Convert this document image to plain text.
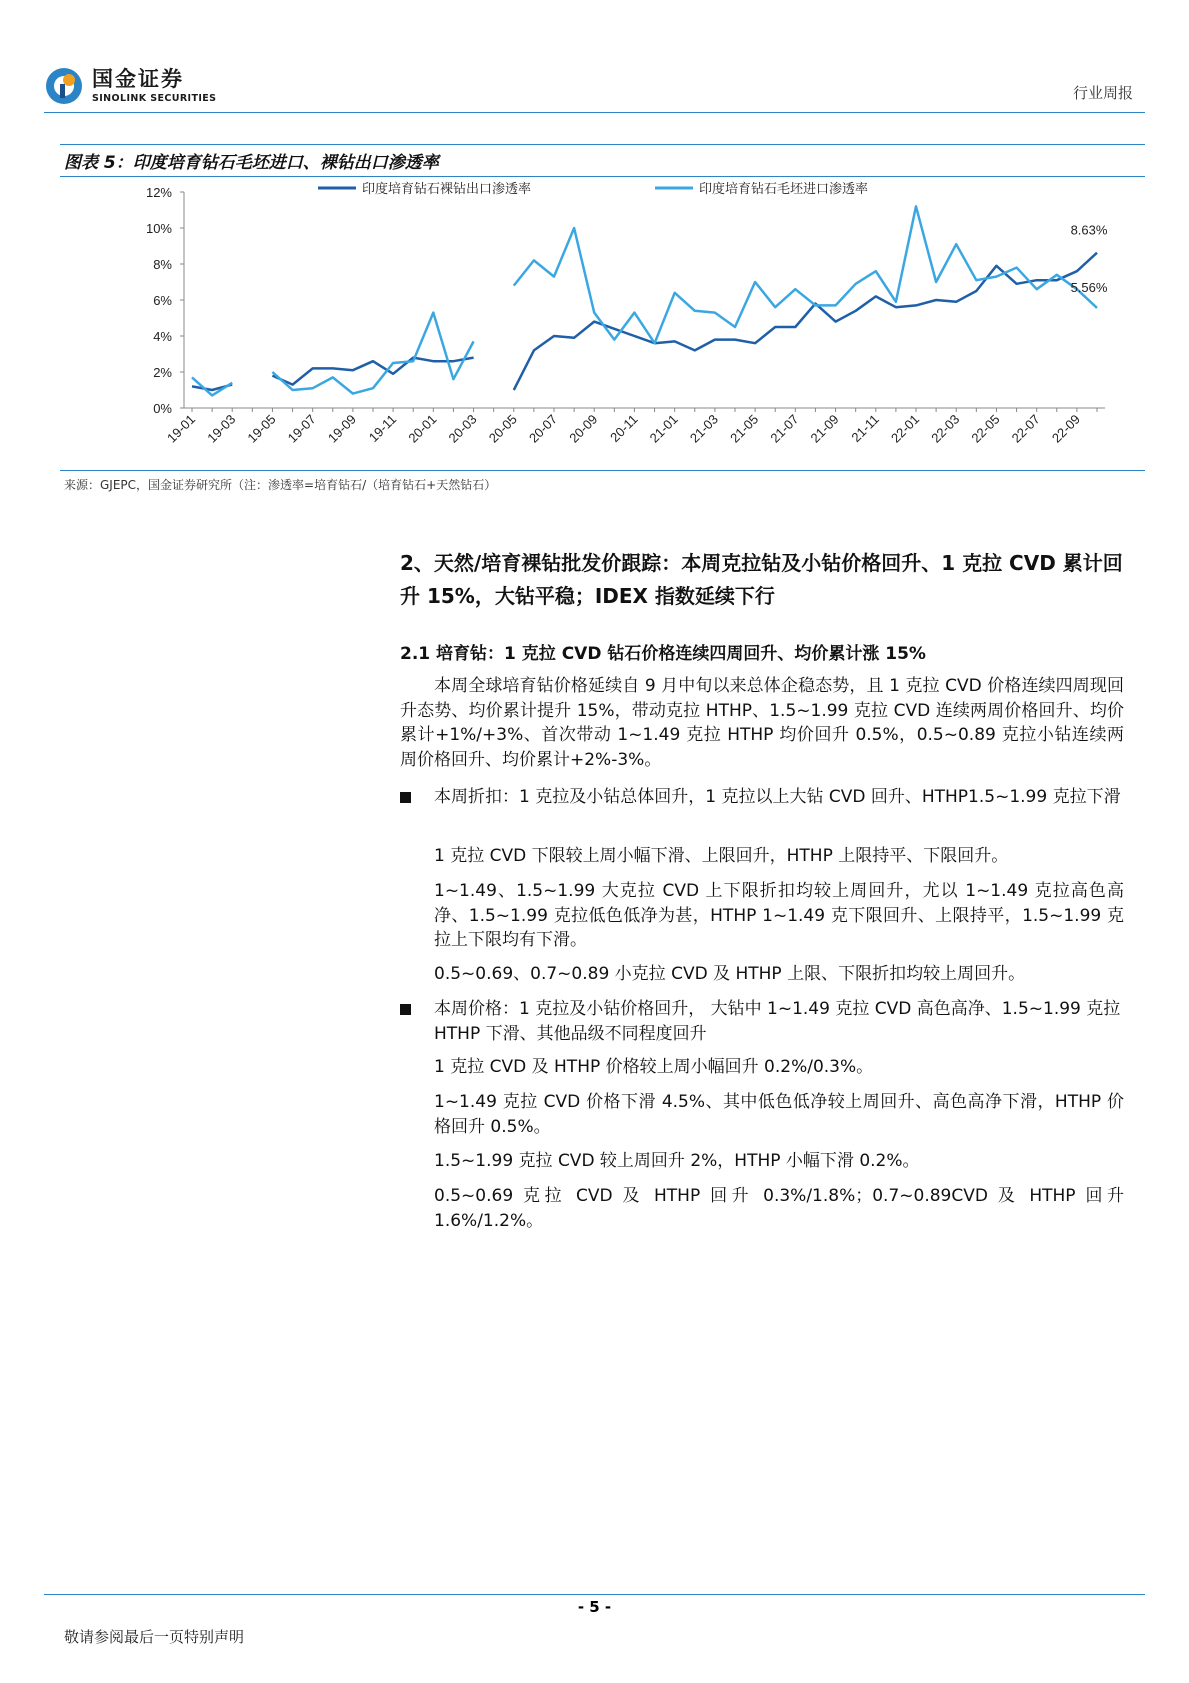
国金证券
SINOLINK SECURITIES	行业周报
图表 5：印度培育钻石毛坯进口、裸钻出口渗透率
0%
2%
4%
6%
8%
10%
12%
19-01 19-03 19-05 19-07 19-09 19-11 20-01 20-03 20-05 20-07 20-09 20-11 21-01 21-03 21-05 21-07 21-09 21-11 22-01 22-03 22-05 22-07 22-09
印度培育钻石裸钻出口渗透率	印度培育钻石毛坯进口渗透率
8.63%
5.56%
来源：GJEPC，国金证券研究所（注：渗透率=培育钻石/（培育钻石+天然钻石）
2、天然/培育裸钻批发价跟踪：本周克拉钻及小钻价格回升、1 克拉 CVD 累计回升 15%，大钻平稳；IDEX 指数延续下行
2.1 培育钻：1 克拉 CVD 钻石价格连续四周回升、均价累计涨 15%
本周全球培育钻价格延续自 9 月中旬以来总体企稳态势，且 1 克拉 CVD 价格连续四周现回升态势、均价累计提升 15%，带动克拉 HTHP、1.5~1.99 克拉 CVD 连续两周价格回升、均价累计+1%/+3%、首次带动 1~1.49 克拉 HTHP 均价回升 0.5%，0.5~0.89 克拉小钻连续两周价格回升、均价累计+2%-3%。
本周折扣：1 克拉及小钻总体回升，1 克拉以上大钻 CVD 回升、HTHP1.5~1.99 克拉下滑
1 克拉 CVD 下限较上周小幅下滑、上限回升，HTHP 上限持平、下限回升。
1~1.49、1.5~1.99 大克拉 CVD 上下限折扣均较上周回升，尤以 1~1.49 克拉高色高净、1.5~1.99 克拉低色低净为甚，HTHP 1~1.49 克下限回升、上限持平，1.5~1.99 克拉上下限均有下滑。
0.5~0.69、0.7~0.89 小克拉 CVD 及 HTHP 上限、下限折扣均较上周回升。
本周价格：1 克拉及小钻价格回升， 大钻中 1~1.49 克拉 CVD 高色高净、1.5~1.99 克拉 HTHP 下滑、其他品级不同程度回升
1 克拉 CVD 及 HTHP 价格较上周小幅回升 0.2%/0.3%。
1~1.49 克拉 CVD 价格下滑 4.5%、其中低色低净较上周回升、高色高净下滑，HTHP 价格回升 0.5%。
1.5~1.99 克拉 CVD 较上周回升 2%，HTHP 小幅下滑 0.2%。
0.5~0.69 克拉 CVD 及 HTHP 回升 0.3%/1.8%；0.7~0.89CVD 及 HTHP 回升 1.6%/1.2%。
- 5 -
敬请参阅最后一页特别声明
